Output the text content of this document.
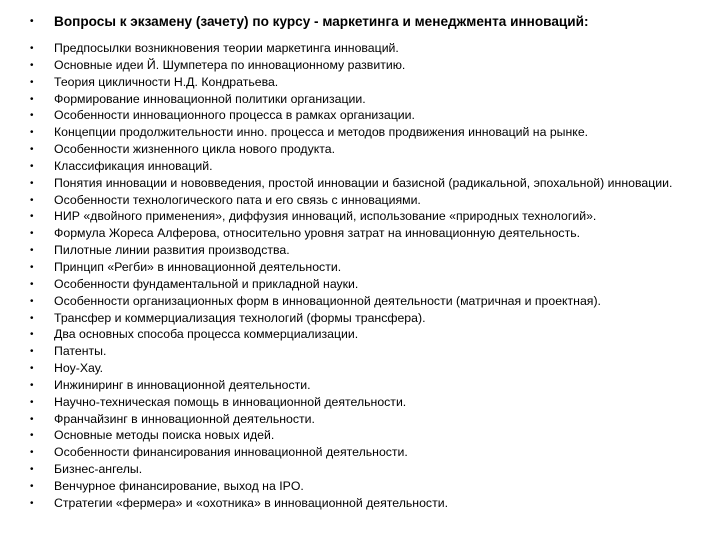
• Вопросы к экзамену (зачету) по курсу - маркетинга и менеджмента инноваций:
• Предпосылки возникновения теории маркетинга инноваций.
• Основные идеи Й. Шумпетера по инновационному развитию.
• Теория цикличности Н.Д. Кондратьева.
• Формирование инновационной политики организации.
• Особенности инновационного процесса в рамках организации.
• Концепции продолжительности инно. процесса и методов продвижения инноваций на рынке.
• Особенности жизненного цикла нового продукта.
• Классификация инноваций.
• Понятия инновации и нововведения, простой инновации и базисной (радикальной, эпохальной) инновации.
• Особенности технологического пата и его связь с инновациями.
• НИР «двойного применения», диффузия инноваций, использование «природных технологий».
• Формула Жореса Алферова, относительно уровня затрат на инновационную деятельность.
• Пилотные линии развития производства.
• Принцип «Регби» в инновационной деятельности.
• Особенности фундаментальной и прикладной науки.
• Особенности организационных форм в инновационной деятельности (матричная и проектная).
• Трансфер и коммерциализация технологий (формы трансфера).
• Два основных способа процесса коммерциализации.
• Патенты.
• Ноу-Хау.
• Инжиниринг в инновационной деятельности.
• Научно-техническая помощь в инновационной деятельности.
• Франчайзинг в инновационной деятельности.
• Основные методы поиска новых идей.
• Особенности финансирования инновационной деятельности.
• Бизнес-ангелы.
• Венчурное финансирование, выход на IPO.
• Стратегии «фермера» и «охотника» в инновационной деятельности.
